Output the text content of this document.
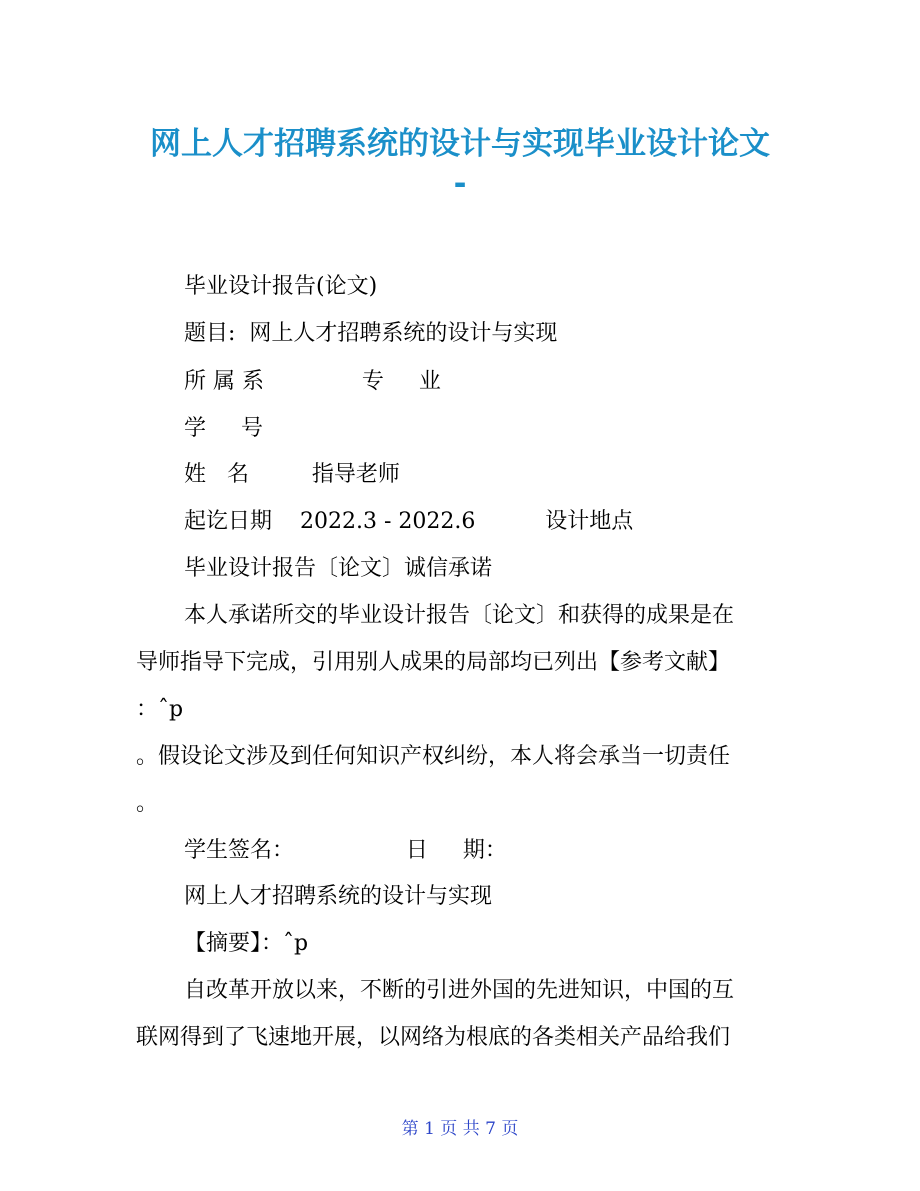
网上人才招聘系统的设计与实现毕业设计论文
-

毕业设计报告(论文)

题目:  网上人才招聘系统的设计与实现

所 属 系              专     业

学     号

姓   名         指导老师

起讫日期    2022.3 - 2022.6          设计地点

毕业设计报告〔论文〕诚信承诺

本人承诺所交的毕业设计报告〔论文〕和获得的成果是在

导师指导下完成，引用别人成果的局部均已列出【参考文献】

：ˆp

。假设论文涉及到任何知识产权纠纷，本人将会承当一切责任

。

学生签名：                日     期：

网上人才招聘系统的设计与实现

【摘要】：ˆp

自改革开放以来，不断的引进外国的先进知识，中国的互

联网得到了飞速地开展，以网络为根底的各类相关产品给我们

第 1 页 共 7 页
